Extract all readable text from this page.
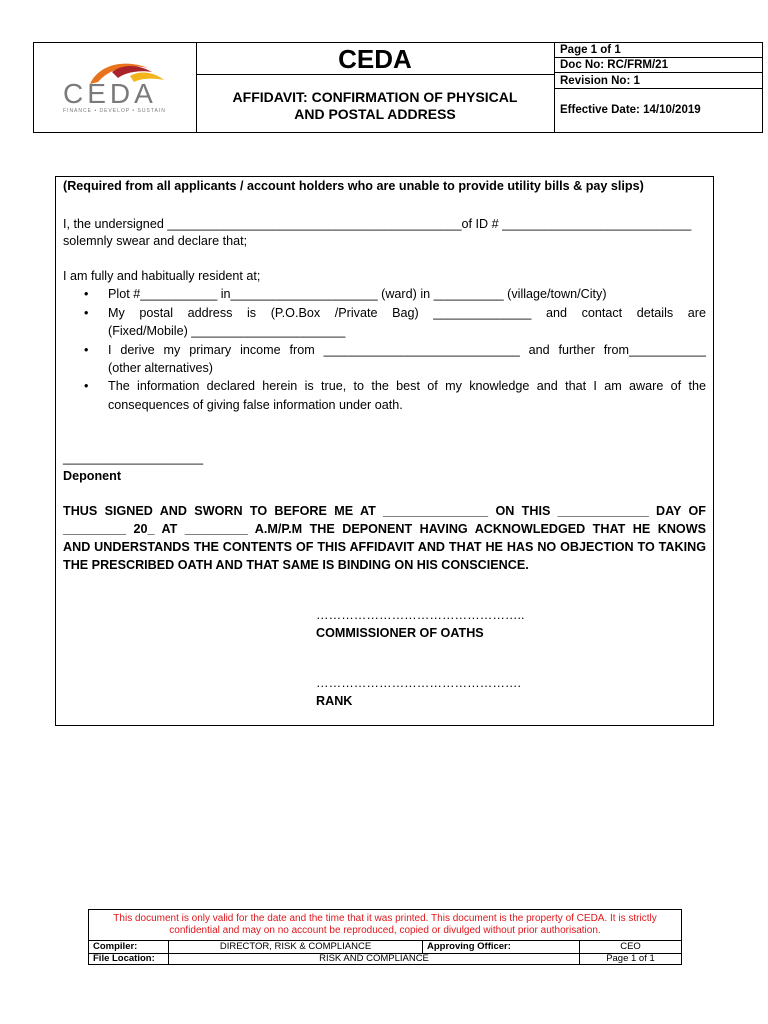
CEDA
FINANCE • DEVELOP • SUSTAIN
CEDA
AFFIDAVIT: CONFIRMATION OF PHYSICAL
AND POSTAL ADDRESS
Page 1 of 1
Doc No: RC/FRM/21
Revision No: 1
Effective Date: 14/10/2019
(Required from all applicants / account holders who are unable to provide utility bills & pay slips)
I, the undersigned __________________________________________of ID # ___________________________
solemnly swear and declare that;
I am fully and habitually resident at;
• Plot #___________ in_____________________ (ward) in __________ (village/town/City)
• My postal address is (P.O.Box /Private Bag) ______________ and contact details are
(Fixed/Mobile) ______________________
• I derive my primary income from ____________________________ and further from___________
(other alternatives)
• The information declared herein is true, to the best of my knowledge and that I am aware of the
consequences of giving false information under oath.
____________________
Deponent
THUS SIGNED AND SWORN TO BEFORE ME AT _______________ ON THIS _____________ DAY OF
_________ 20_ AT _________ A.M/P.M THE DEPONENT HAVING ACKNOWLEDGED THAT HE KNOWS
AND UNDERSTANDS THE CONTENTS OF THIS AFFIDAVIT AND THAT HE HAS NO OBJECTION TO TAKING
THE PRESCRIBED OATH AND THAT SAME IS BINDING ON HIS CONSCIENCE.
…………………………………………..
COMMISSIONER OF OATHS
………………………………………….
RANK
This document is only valid for the date and the time that it was printed. This document is the property of CEDA. It is strictly
confidential and may on no account be reproduced, copied or divulged without prior authorisation.
Compiler:	DIRECTOR, RISK & COMPLIANCE	Approving Officer:	CEO
File Location:	RISK AND COMPLIANCE	Page 1 of 1
